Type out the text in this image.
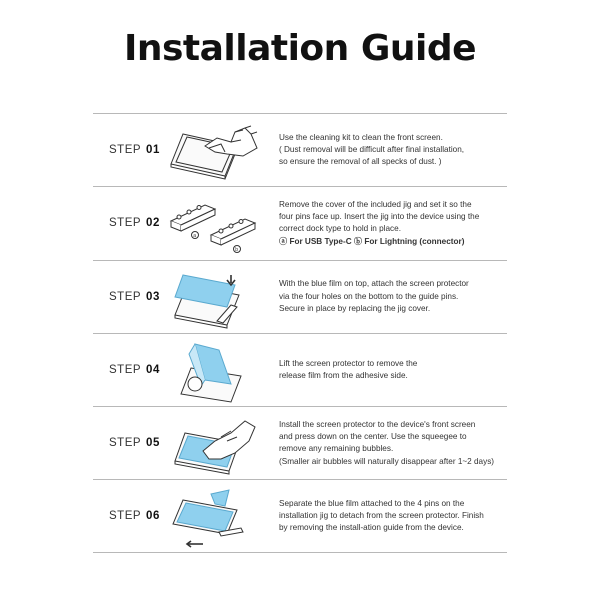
Installation Guide
STEP 01
Use the cleaning kit to clean the front screen.
( Dust removal will be difficult after final installation,
so ensure the removal of all specks of dust. )
STEP 02
a
b
Remove the cover of the included jig and set it so the
four pins face up. Insert the jig into the device using the
correct dock type to hold in place.
ⓐ For USB Type-C ⓑ For Lightning (connector)
STEP 03
With the blue film on top, attach the screen protector
via the four holes on the bottom to the guide pins.
Secure in place by replacing the jig cover.
STEP 04
Lift the screen protector to remove the
release film from the adhesive side.
STEP 05
Install the screen protector to the device's front screen
and press down on the center. Use the squeegee to
remove any remaining bubbles.
(Smaller air bubbles will naturally disappear after 1~2 days)
STEP 06
Separate the blue film attached to the 4 pins on the
installation jig to detach from the screen protector. Finish
by removing the install-ation guide from the device.
